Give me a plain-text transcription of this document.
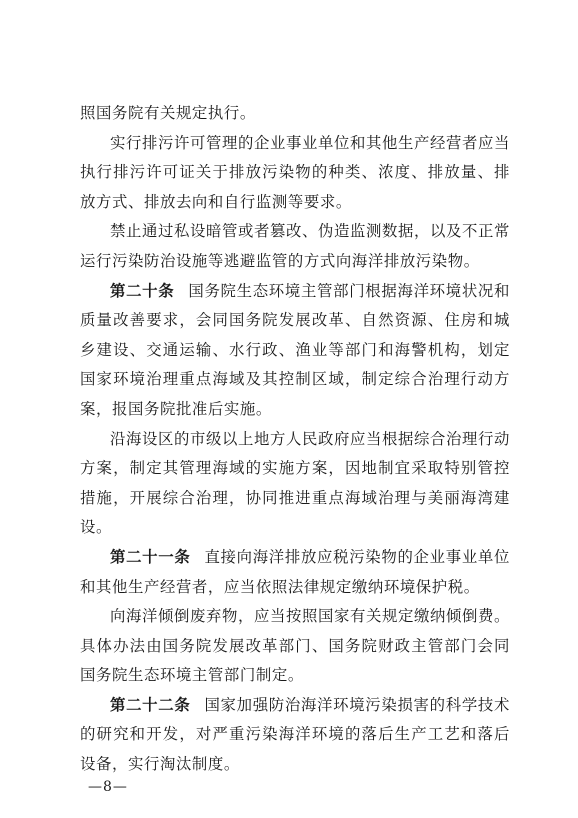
照国务院有关规定执行。

实行排污许可管理的企业事业单位和其他生产经营者应当执行排污许可证关于排放污染物的种类、浓度、排放量、排放方式、排放去向和自行监测等要求。

禁止通过私设暗管或者篡改、伪造监测数据，以及不正常运行污染防治设施等逃避监管的方式向海洋排放污染物。

第二十条 国务院生态环境主管部门根据海洋环境状况和质量改善要求，会同国务院发展改革、自然资源、住房和城乡建设、交通运输、水行政、渔业等部门和海警机构，划定国家环境治理重点海域及其控制区域，制定综合治理行动方案，报国务院批准后实施。

沿海设区的市级以上地方人民政府应当根据综合治理行动方案，制定其管理海域的实施方案，因地制宜采取特别管控措施，开展综合治理，协同推进重点海域治理与美丽海湾建设。

第二十一条 直接向海洋排放应税污染物的企业事业单位和其他生产经营者，应当依照法律规定缴纳环境保护税。

向海洋倾倒废弃物，应当按照国家有关规定缴纳倾倒费。具体办法由国务院发展改革部门、国务院财政主管部门会同国务院生态环境主管部门制定。

第二十二条 国家加强防治海洋环境污染损害的科学技术的研究和开发，对严重污染海洋环境的落后生产工艺和落后设备，实行淘汰制度。

—8—
